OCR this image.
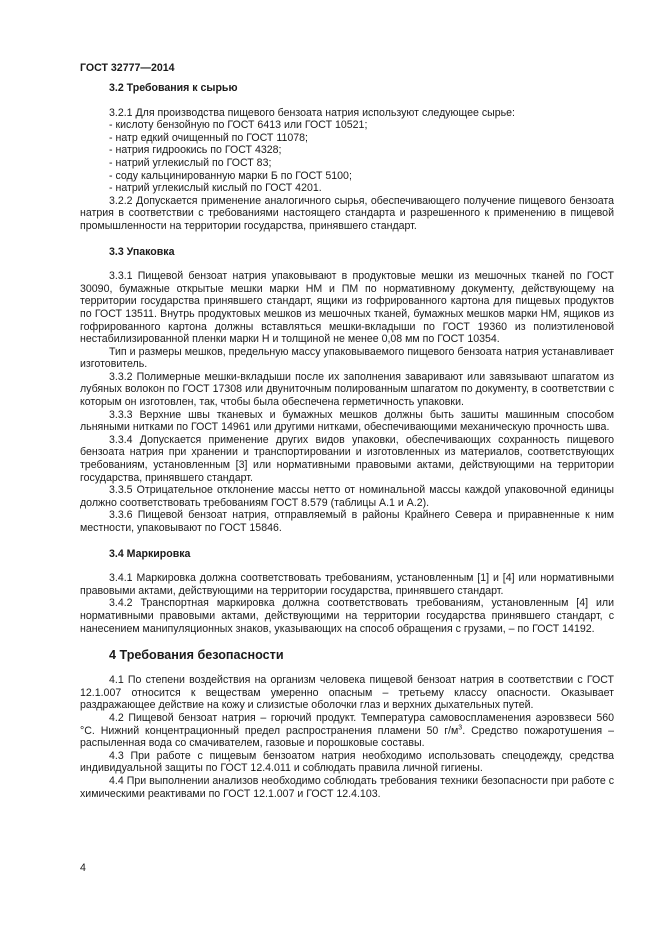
ГОСТ 32777—2014
3.2 Требования к сырью

3.2.1 Для производства пищевого бензоата натрия используют следующее сырье:

- кислоту бензойную по ГОСТ 6413 или ГОСТ 10521;
- натр едкий очищенный по ГОСТ 11078;
- натрия гидроокись по ГОСТ 4328;
- натрий углекислый по ГОСТ 83;
- соду кальцинированную марки Б по ГОСТ 5100;
- натрий углекислый кислый по ГОСТ 4201.

3.2.2 Допускается применение аналогичного сырья, обеспечивающего получение пищевого бензоата натрия в соответствии с требованиями настоящего стандарта и разрешенного к применению в пищевой промышленности на территории государства, принявшего стандарт.

3.3 Упаковка

3.3.1 Пищевой бензоат натрия упаковывают в продуктовые мешки из мешочных тканей по ГОСТ 30090, бумажные открытые мешки марки НМ и ПМ по нормативному документу, действующему на территории государства принявшего стандарт, ящики из гофрированного картона для пищевых продуктов по ГОСТ 13511. Внутрь продуктовых мешков из мешочных тканей, бумажных мешков марки НМ, ящиков из гофрированного картона должны вставляться мешки-вкладыши по ГОСТ 19360 из полиэтиленовой нестабилизированной пленки марки Н и толщиной не менее 0,08 мм по ГОСТ 10354.

Тип и размеры мешков, предельную массу упаковываемого пищевого бензоата натрия устанавливает изготовитель.

3.3.2 Полимерные мешки-вкладыши после их заполнения заваривают или завязывают шпагатом из лубяных волокон по ГОСТ 17308 или двуниточным полированным шпагатом по документу, в соответствии с которым он изготовлен, так, чтобы была обеспечена герметичность упаковки.

3.3.3 Верхние швы тканевых и бумажных мешков должны быть зашиты машинным способом льняными нитками по ГОСТ 14961 или другими нитками, обеспечивающими механическую прочность шва.

3.3.4 Допускается применение других видов упаковки, обеспечивающих сохранность пищевого бензоата натрия при хранении и транспортировании и изготовленных из материалов, соответствующих требованиям, установленным [3] или нормативными правовыми актами, действующими на территории государства, принявшего стандарт.

3.3.5 Отрицательное отклонение массы нетто от номинальной массы каждой упаковочной единицы должно соответствовать требованиям ГОСТ 8.579 (таблицы А.1 и А.2).

3.3.6 Пищевой бензоат натрия, отправляемый в районы Крайнего Севера и приравненные к ним местности, упаковывают по ГОСТ 15846.

3.4 Маркировка

3.4.1 Маркировка должна соответствовать требованиям, установленным [1] и [4] или нормативными правовыми актами, действующими на территории государства, принявшего стандарт.

3.4.2 Транспортная маркировка должна соответствовать требованиям, установленным [4] или нормативными правовыми актами, действующими на территории государства принявшего стандарт, с нанесением манипуляционных знаков, указывающих на способ обращения с грузами, – по ГОСТ 14192.

4 Требования безопасности

4.1 По степени воздействия на организм человека пищевой бензоат натрия в соответствии с ГОСТ 12.1.007 относится к веществам умеренно опасным – третьему классу опасности. Оказывает раздражающее действие на кожу и слизистые оболочки глаз и верхних дыхательных путей.

4.2 Пищевой бензоат натрия – горючий продукт. Температура самовоспламенения аэровзвеси 560 °С. Нижний концентрационный предел распространения пламени 50 $г/м^3$. Средство пожаротушения – распыленная вода со смачивателем, газовые и порошковые составы.

4.3 При работе с пищевым бензоатом натрия необходимо использовать спецодежду, средства индивидуальной защиты по ГОСТ 12.4.011 и соблюдать правила личной гигиены.

4.4 При выполнении анализов необходимо соблюдать требования техники безопасности при работе с химическими реактивами по ГОСТ 12.1.007 и ГОСТ 12.4.103.

4
